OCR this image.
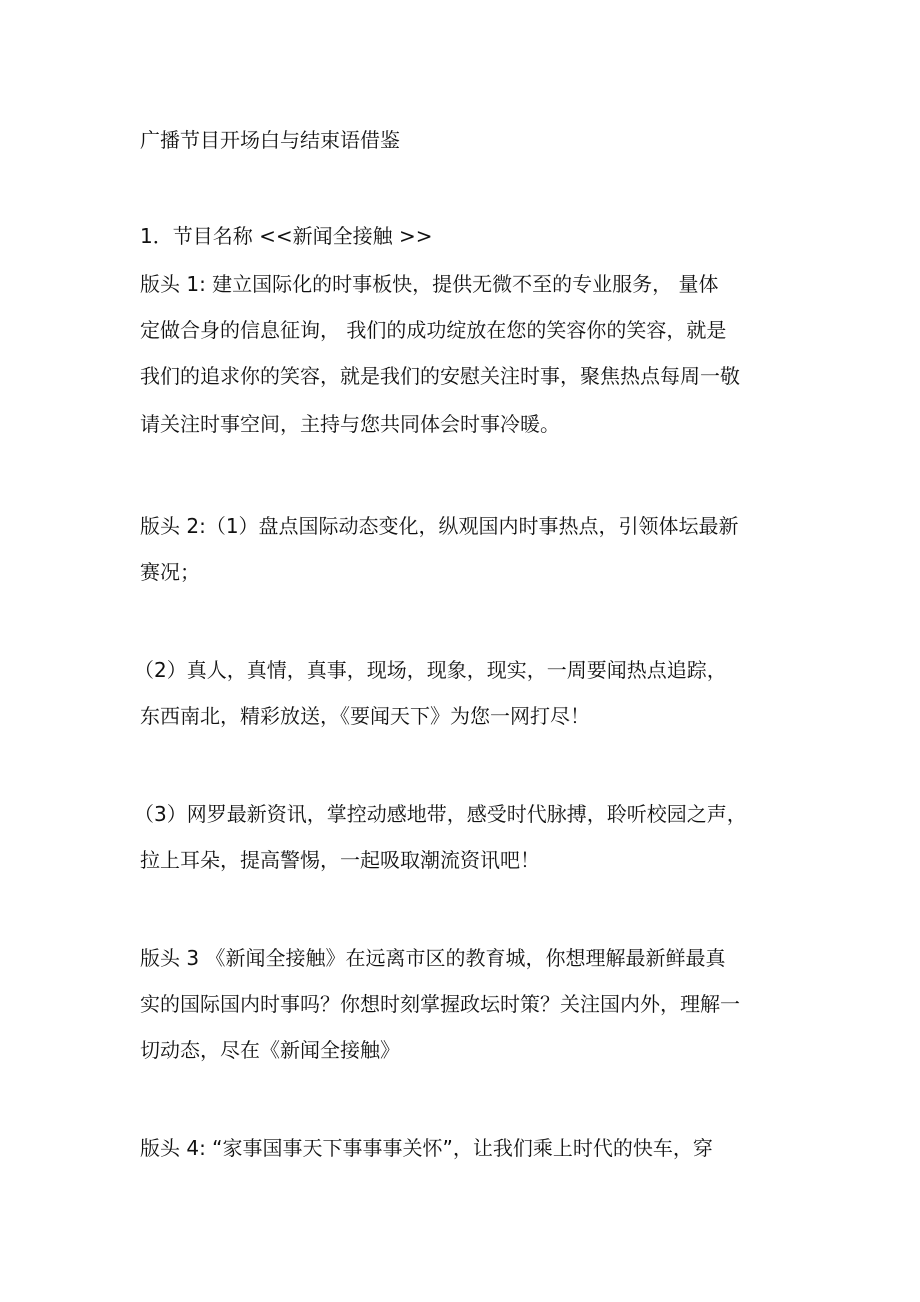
广播节目开场白与结束语借鉴
1．节目名称 <<新闻全接触 >>
版头 1: 建立国际化的时事板快，提供无微不至的专业服务， 量体
定做合身的信息征询， 我们的成功绽放在您的笑容你的笑容，就是
我们的追求你的笑容，就是我们的安慰关注时事，聚焦热点每周一敬
请关注时事空间，主持与您共同体会时事冷暖。
版头 2:（1）盘点国际动态变化，纵观国内时事热点，引领体坛最新
赛况；
（2）真人，真情，真事，现场，现象，现实，一周要闻热点追踪，
东西南北，精彩放送，《要闻天下》为您一网打尽！
（3）网罗最新资讯，掌控动感地带，感受时代脉搏，聆听校园之声，
拉上耳朵，提高警惕，一起吸取潮流资讯吧！
版头 3 《新闻全接触》在远离市区的教育城，你想理解最新鲜最真
实的国际国内时事吗？你想时刻掌握政坛时策？关注国内外，理解一
切动态，尽在《新闻全接触》
版头 4: “家事国事天下事事事关怀”，让我们乘上时代的快车，穿
